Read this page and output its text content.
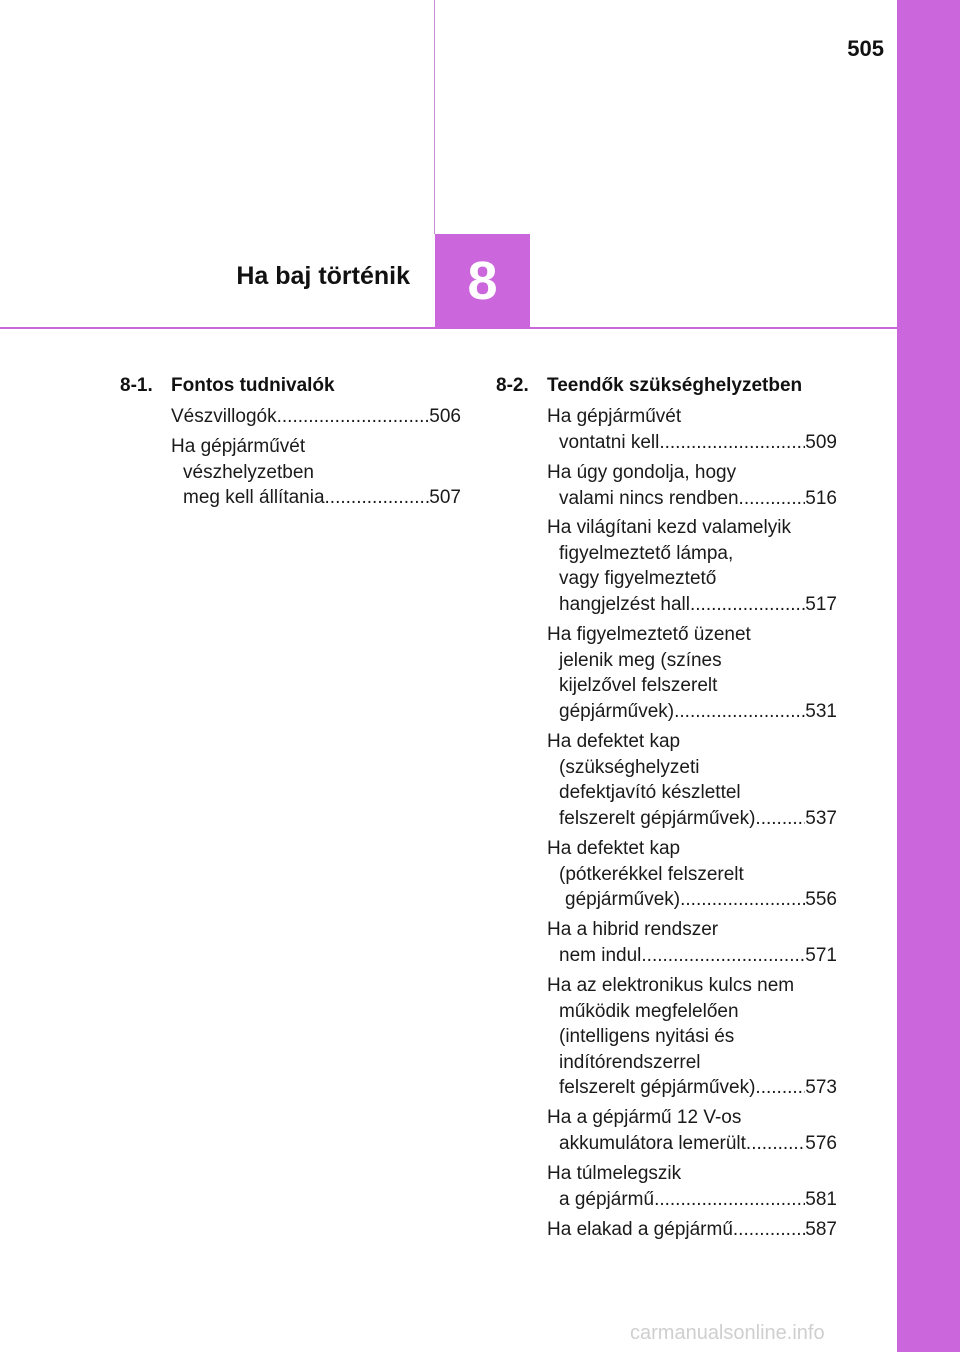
505
Ha baj történik 8
8-1. Fontos tudnivalók
Vészvillogók .....	506
Ha gépjárművét
vészhelyzetben
meg kell állítania .....	507
8-2. Teendők szükséghelyzetben
Ha gépjárművét
vontatni kell .....	509
Ha úgy gondolja, hogy
valami nincs rendben .....	516
Ha világítani kezd valamelyik
figyelmeztető lámpa,
vagy figyelmeztető
hangjelzést hall .....	517
Ha figyelmeztető üzenet
jelenik meg (színes
kijelzővel felszerelt
gépjárművek) .....	531
Ha defektet kap
(szükséghelyzeti
defektjavító készlettel
felszerelt gépjárművek) .....	537
Ha defektet kap
(pótkerékkel felszerelt
gépjárművek) .....	556
Ha a hibrid rendszer
nem indul .....	571
Ha az elektronikus kulcs nem
működik megfelelően
(intelligens nyitási és
indítórendszerrel
felszerelt gépjárművek) .....	573
Ha a gépjármű 12 V-os
akkumulátora lemerült .....	576
Ha túlmelegszik
a gépjármű .....	581
Ha elakad a gépjármű .....	587
carmanualsonline.info
